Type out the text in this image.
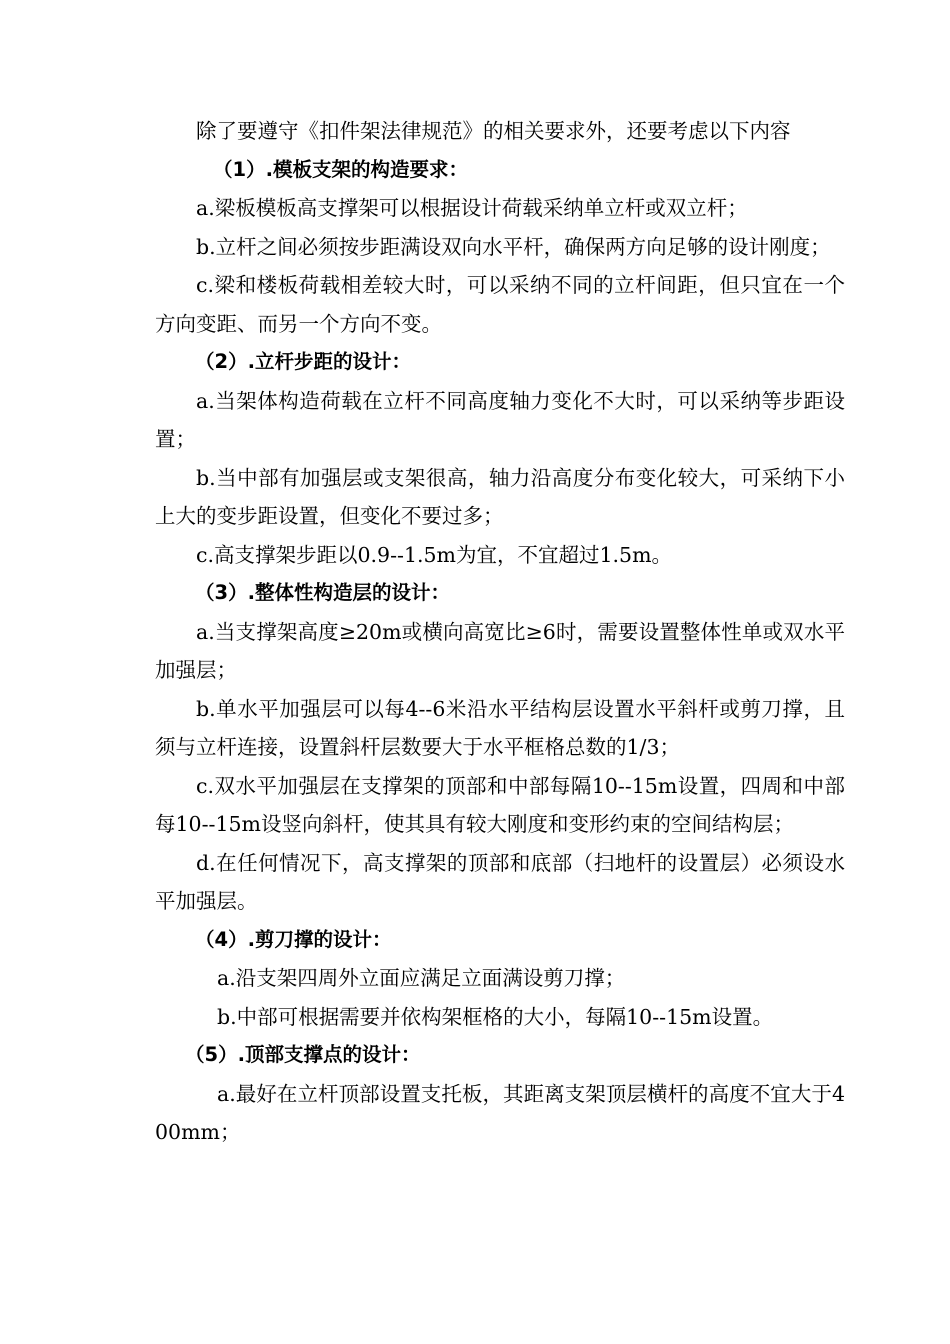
除了要遵守《扣件架法律规范》的相关要求外，还要考虑以下内容

（1）.模板支架的构造要求：

a.梁板模板高支撑架可以根据设计荷载采纳单立杆或双立杆；

b.立杆之间必须按步距满设双向水平杆，确保两方向足够的设计刚度；

c.梁和楼板荷载相差较大时，可以采纳不同的立杆间距，但只宜在一个方向变距、而另一个方向不变。

（2）.立杆步距的设计：

a.当架体构造荷载在立杆不同高度轴力变化不大时，可以采纳等步距设置；

b.当中部有加强层或支架很高，轴力沿高度分布变化较大，可采纳下小上大的变步距设置，但变化不要过多；

c.高支撑架步距以0.9--1.5m为宜，不宜超过1.5m。

（3）.整体性构造层的设计：

a.当支撑架高度≥20m或横向高宽比≥6时，需要设置整体性单或双水平加强层；

b.单水平加强层可以每4--6米沿水平结构层设置水平斜杆或剪刀撑，且须与立杆连接，设置斜杆层数要大于水平框格总数的1/3；

c.双水平加强层在支撑架的顶部和中部每隔10--15m设置，四周和中部每10--15m设竖向斜杆，使其具有较大刚度和变形约束的空间结构层；

d.在任何情况下，高支撑架的顶部和底部（扫地杆的设置层）必须设水平加强层。

（4）.剪刀撑的设计：

a.沿支架四周外立面应满足立面满设剪刀撑；

b.中部可根据需要并依构架框格的大小，每隔10--15m设置。

（5）.顶部支撑点的设计：

a.最好在立杆顶部设置支托板，其距离支架顶层横杆的高度不宜大于400mm；
